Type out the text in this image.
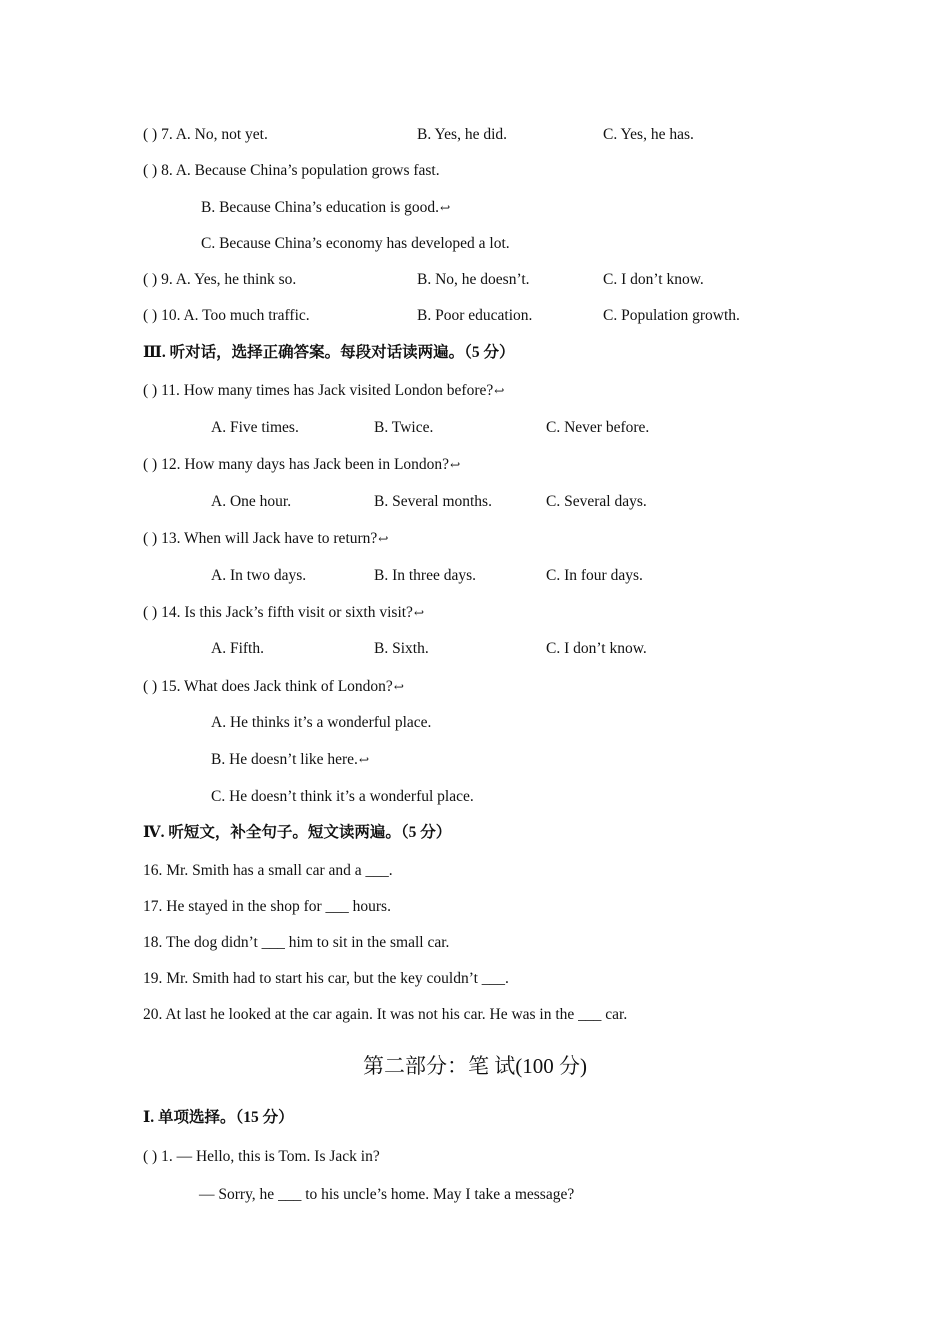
( ) 7. A. No, not yet.	B. Yes, he did.	C. Yes, he has.
( ) 8. A. Because China’s population grows fast.
B. Because China’s education is good.↩
C. Because China’s economy has developed a lot.
( ) 9. A. Yes, he think so.	B. No, he doesn’t.	C. I don’t know.
( ) 10. A. Too much traffic.	B. Poor education.	C. Population growth.
Ⅲ. 听对话，选择正确答案。每段对话读两遍。（5 分）
( ) 11. How many times has Jack visited London before?↩
A. Five times.	B. Twice.	C. Never before.
( ) 12. How many days has Jack been in London?↩
A. One hour.	B. Several months.	C. Several days.
( ) 13. When will Jack have to return?↩
A. In two days.	B. In three days.	C. In four days.
( ) 14. Is this Jack’s fifth visit or sixth visit?↩
A. Fifth.	B. Sixth.	C. I don’t know.
( ) 15. What does Jack think of London?↩
A. He thinks it’s a wonderful place.
B. He doesn’t like here.↩
C. He doesn’t think it’s a wonderful place.
Ⅳ. 听短文，补全句子。短文读两遍。（5 分）
16. Mr. Smith has a small car and a ___.
17. He stayed in the shop for ___ hours.
18. The dog didn’t ___ him to sit in the small car.
19. Mr. Smith had to start his car, but the key couldn’t ___.
20. At last he looked at the car again. It was not his car. He was in the ___ car.
第二部分：笔 试(100 分)
Ⅰ. 单项选择。（15 分）
( ) 1. — Hello, this is Tom. Is Jack in?
— Sorry, he ___ to his uncle’s home. May I take a message?
